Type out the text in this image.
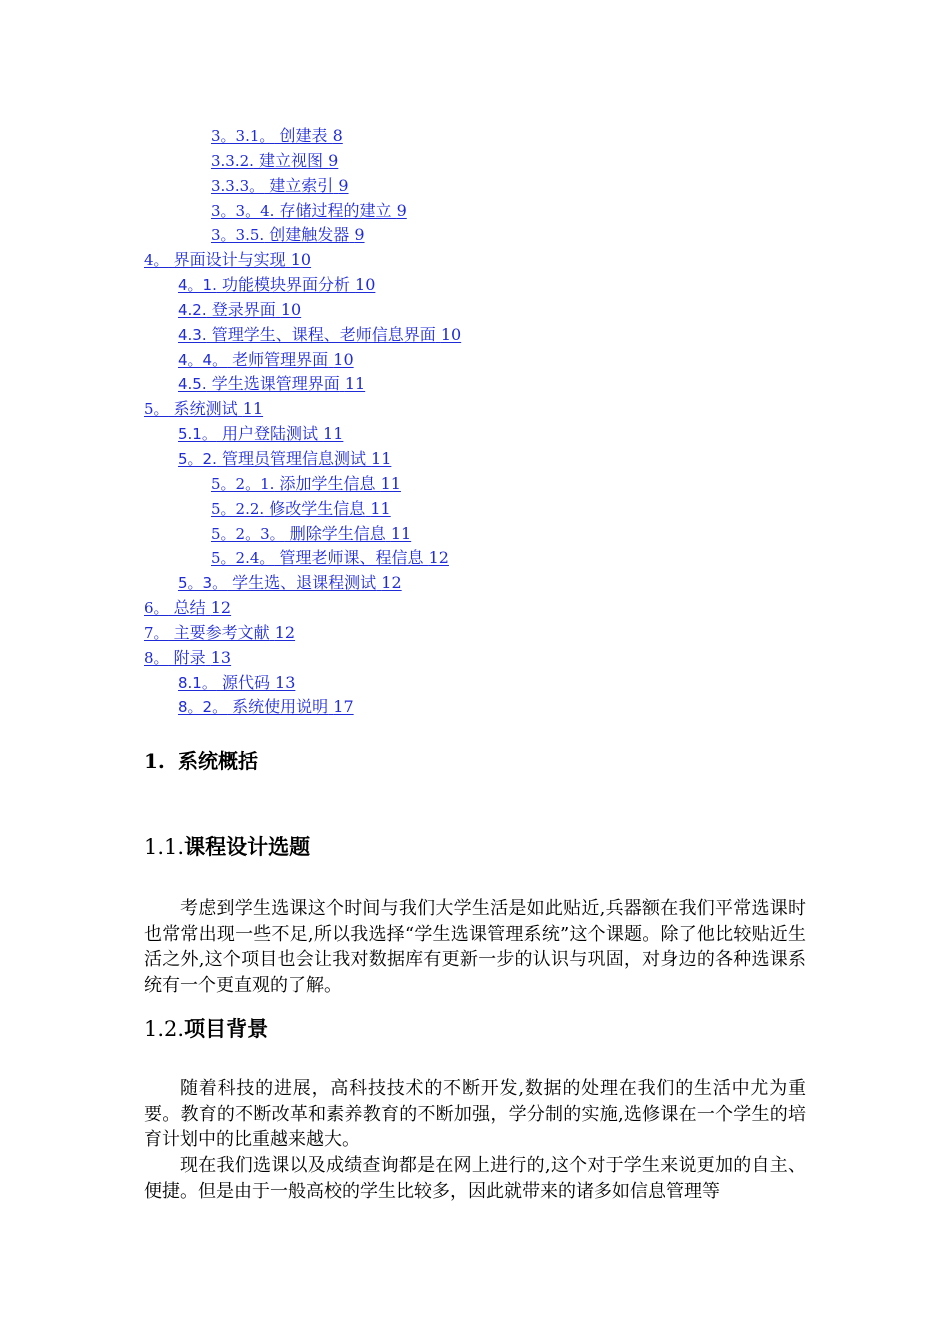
3。3.1。 创建表 8
3.3.2. 建立视图 9
3.3.3。 建立索引 9
3。3。4. 存储过程的建立 9
3。3.5. 创建触发器 9
4。 界面设计与实现 10
4。1. 功能模块界面分析 10
4.2. 登录界面 10
4.3. 管理学生、课程、老师信息界面 10
4。4。 老师管理界面 10
4.5. 学生选课管理界面 11
5。 系统测试 11
5.1。 用户登陆测试 11
5。2. 管理员管理信息测试 11
5。2。1. 添加学生信息 11
5。2.2. 修改学生信息 11
5。2。3。 删除学生信息 11
5。2.4。 管理老师课、程信息 12
5。3。 学生选、退课程测试 12
6。 总结 12
7。 主要参考文献 12
8。 附录 13
8.1。 源代码 13
8。2。 系统使用说明 17
1. 系统概括
1.1.课程设计选题

考虑到学生选课这个时间与我们大学生活是如此贴近,兵器额在我们平常选课时也常常出现一些不足,所以我选择“学生选课管理系统”这个课题。除了他比较贴近生活之外,这个项目也会让我对数据库有更新一步的认识与巩固，对身边的各种选课系统有一个更直观的了解。

1.2.项目背景

随着科技的进展，高科技技术的不断开发,数据的处理在我们的生活中尤为重要。教育的不断改革和素养教育的不断加强，学分制的实施,选修课在一个学生的培育计划中的比重越来越大。

现在我们选课以及成绩查询都是在网上进行的,这个对于学生来说更加的自主、便捷。但是由于一般高校的学生比较多，因此就带来的诸多如信息管理等
